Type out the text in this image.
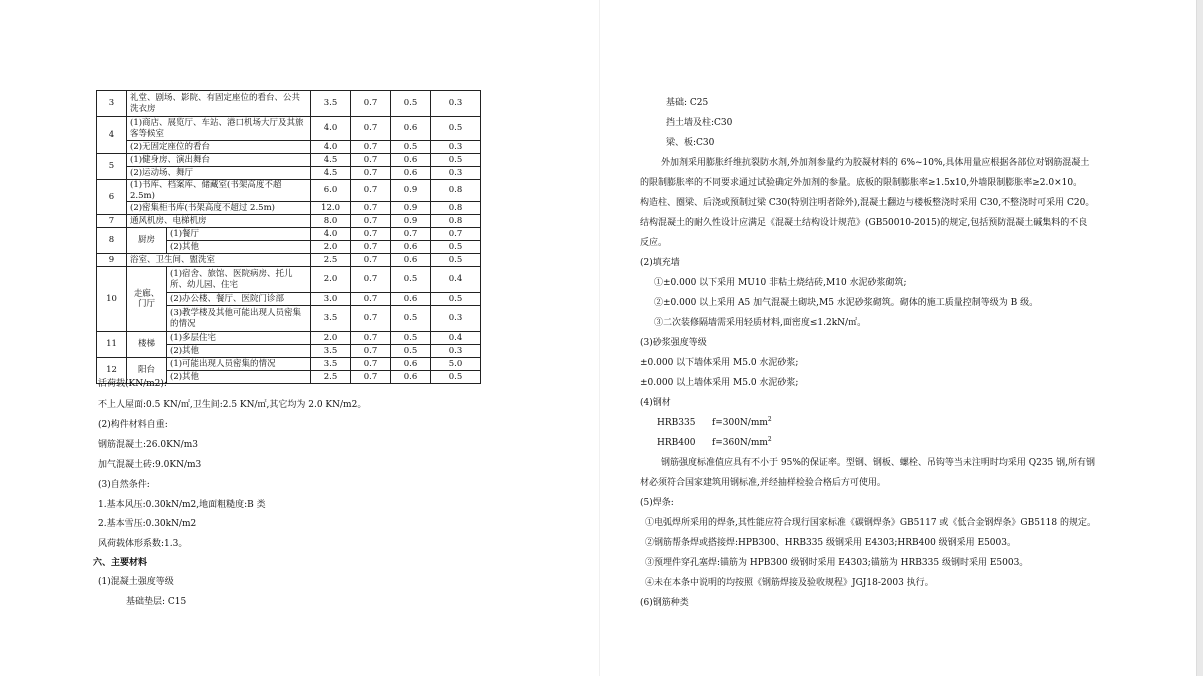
3	礼堂、剧场、影院、有固定座位的看台、公共洗衣房		3.5	0.7	0.5	0.3
4	(1)商店、展览厅、车站、港口机场大厅及其旅客等候室		4.0	0.7	0.6	0.5
	(2)无固定座位的看台		4.0	0.7	0.5	0.3
5	(1)健身房、演出舞台		4.5	0.7	0.6	0.5
	(2)运动场、舞厅		4.5	0.7	0.6	0.3
6	(1)书库、档案库、储藏室(书架高度不超 2.5m)		6.0	0.7	0.9	0.8
	(2)密集柜书库(书架高度不超过 2.5m)		12.0	0.7	0.9	0.8
7	通风机房、电梯机房		8.0	0.7	0.9	0.8
8	厨房	(1)餐厅	4.0	0.7	0.7	0.7
		(2)其他	2.0	0.7	0.6	0.5
9	浴室、卫生间、盥洗室		2.5	0.7	0.6	0.5
10	走廊、门厅	(1)宿舍、旅馆、医院病房、托儿所、幼儿园、住宅	2.0	0.7	0.5	0.4
		(2)办公楼、餐厅、医院门诊部	3.0	0.7	0.6	0.5
		(3)教学楼及其他可能出现人员密集的情况	3.5	0.7	0.5	0.3
11	楼梯	(1)多层住宅	2.0	0.7	0.5	0.4
		(2)其他	3.5	0.7	0.5	0.3
12	阳台	(1)可能出现人员密集的情况	3.5	0.7	0.6	5.0
		(2)其他	2.5	0.7	0.6	0.5
活荷载(KN/m2):
不上人屋面:0.5 KN/㎡,卫生间:2.5 KN/㎡,其它均为 2.0 KN/m2。
(2)构件材料自重:
钢筋混凝土:26.0KN/m3
加气混凝土砖:9.0KN/m3
(3)自然条件:
1.基本风压:0.30kN/m2,地面粗糙度:B 类
2.基本雪压:0.30kN/m2
风荷载体形系数:1.3。
六、主要材料
(1)混凝土强度等级
基础垫层: C15
基础: C25
挡土墙及柱:C30
梁、板:C30
外加剂采用膨胀纤维抗裂防水剂,外加剂参量约为胶凝材料的 6%~10%,具体用量应根据各部位对钢筋混凝土
的限制膨胀率的不同要求通过试验确定外加剂的参量。底板的限制膨胀率≥1.5x10,外墙限制膨胀率≥2.0×10。
构造柱、圈梁、后浇或预制过梁 C30(特别注明者除外),混凝土翻边与楼板整浇时采用 C30,不整浇时可采用 C20。
结构混凝土的耐久性设计应满足《混凝土结构设计规范》(GB50010-2015)的规定,包括预防混凝土碱集料的不良
反应。
(2)填充墙
①±0.000 以下采用 MU10 非粘土烧结砖,M10 水泥砂浆砌筑;
②±0.000 以上采用 A5 加气混凝土砌块,M5 水泥砂浆砌筑。砌体的施工质量控制等级为 B 级。
③二次装修隔墙需采用轻质材料,面密度≤1.2kN/㎡。
(3)砂浆强度等级
±0.000 以下墙体采用 M5.0 水泥砂浆;
±0.000 以上墙体采用 M5.0 水泥砂浆;
(4)钢材
HRB335 $f=300N/mm^2$
HRB400 $f=360N/mm^2$
钢筋强度标准值应具有不小于 95%的保证率。型钢、钢板、螺栓、吊钩等当未注明时均采用 Q235 钢,所有钢
材必须符合国家建筑用钢标准,并经抽样检验合格后方可使用。
(5)焊条:
①电弧焊所采用的焊条,其性能应符合现行国家标准《碳钢焊条》GB5117 或《低合金钢焊条》GB5118 的规定。
②钢筋帮条焊或搭接焊:HPB300、HRB335 级钢采用 E4303;HRB400 级钢采用 E5003。
③预埋件穿孔塞焊:锚筋为 HPB300 级钢时采用 E4303;锚筋为 HRB335 级钢时采用 E5003。
④未在本条中说明的均按照《钢筋焊接及验收规程》JGJ18-2003 执行。
(6)钢筋种类
